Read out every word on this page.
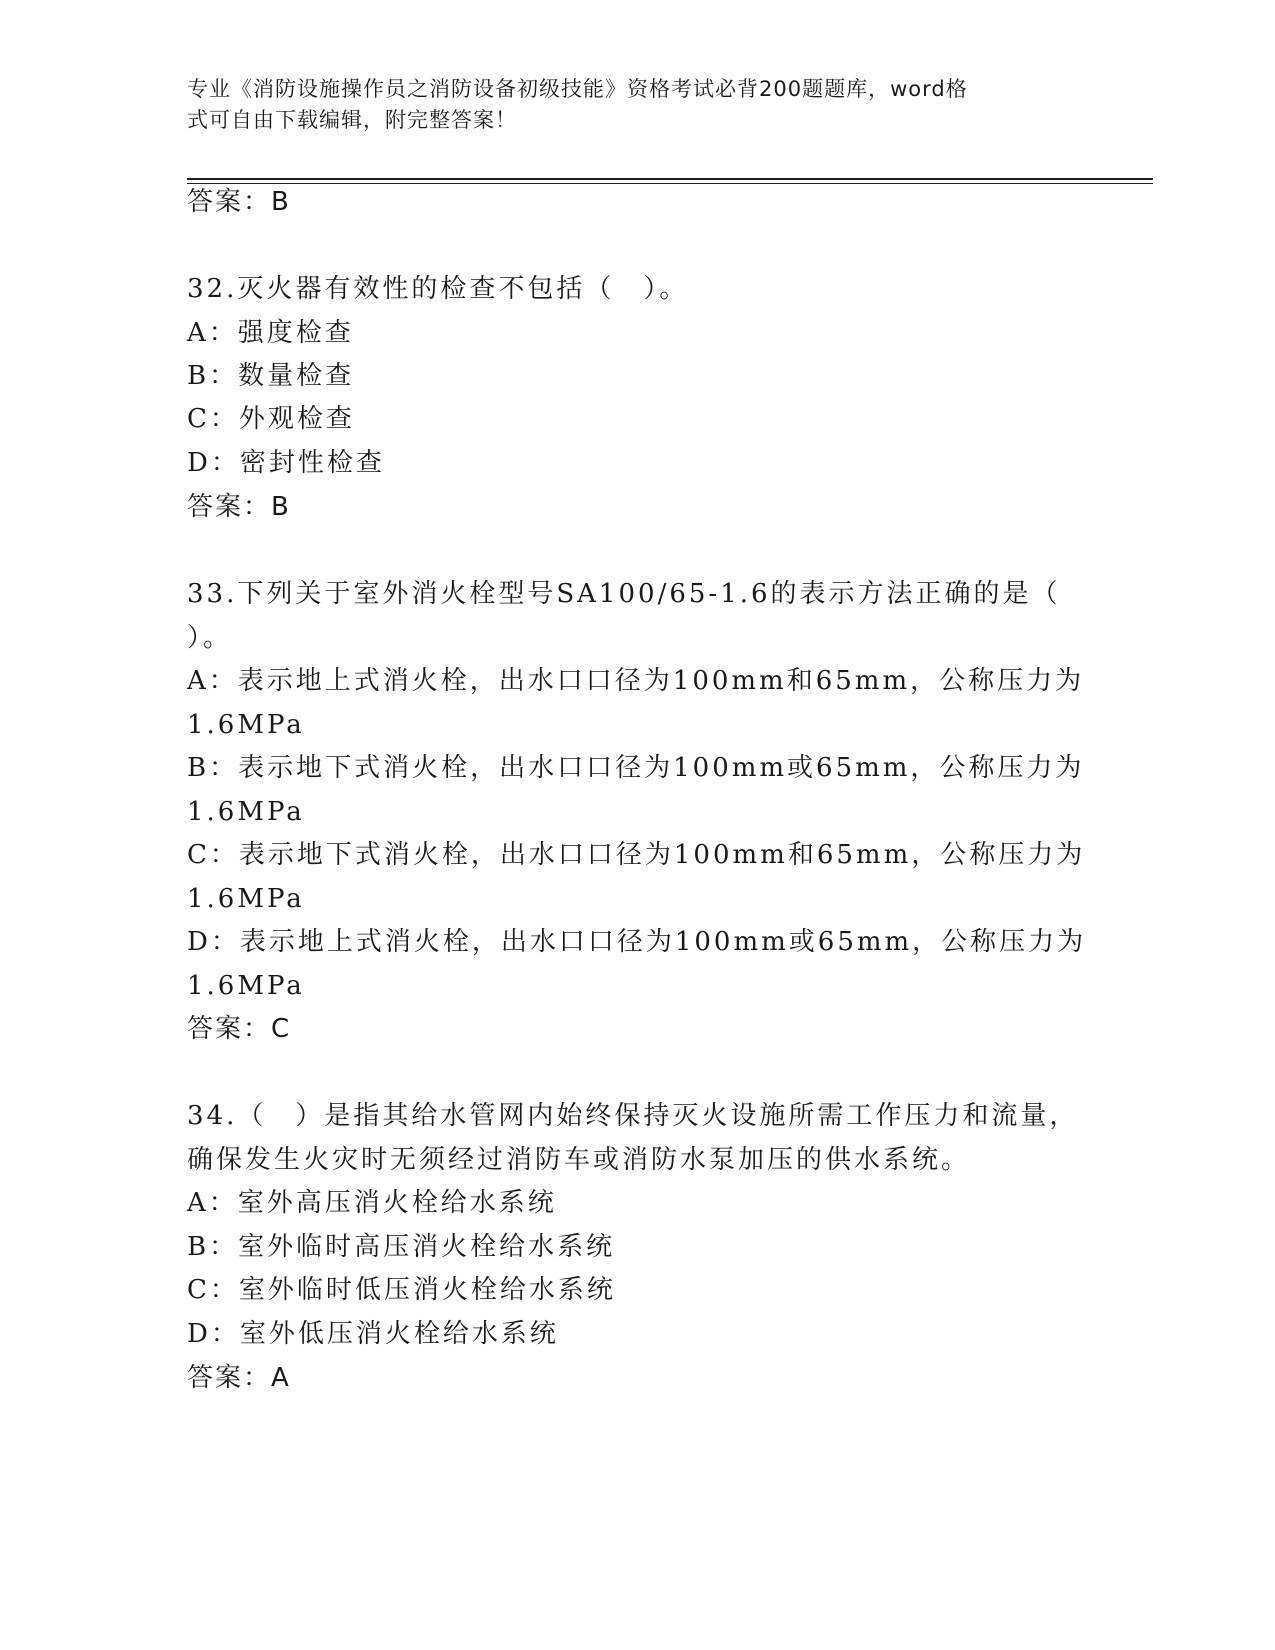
专业《消防设施操作员之消防设备初级技能》资格考试必背200题题库，word格
式可自由下载编辑，附完整答案！
答案：B
32.灭火器有效性的检查不包括（　）。
A：强度检查
B：数量检查
C：外观检查
D：密封性检查
答案：B
33.下列关于室外消火栓型号SA100/65-1.6的表示方法正确的是（
）。
A：表示地上式消火栓，出水口口径为100mm和65mm，公称压力为
1.6MPa
B：表示地下式消火栓，出水口口径为100mm或65mm，公称压力为
1.6MPa
C：表示地下式消火栓，出水口口径为100mm和65mm，公称压力为
1.6MPa
D：表示地上式消火栓，出水口口径为100mm或65mm，公称压力为
1.6MPa
答案：C
34.（　）是指其给水管网内始终保持灭火设施所需工作压力和流量，
确保发生火灾时无须经过消防车或消防水泵加压的供水系统。
A：室外高压消火栓给水系统
B：室外临时高压消火栓给水系统
C：室外临时低压消火栓给水系统
D：室外低压消火栓给水系统
答案：A
